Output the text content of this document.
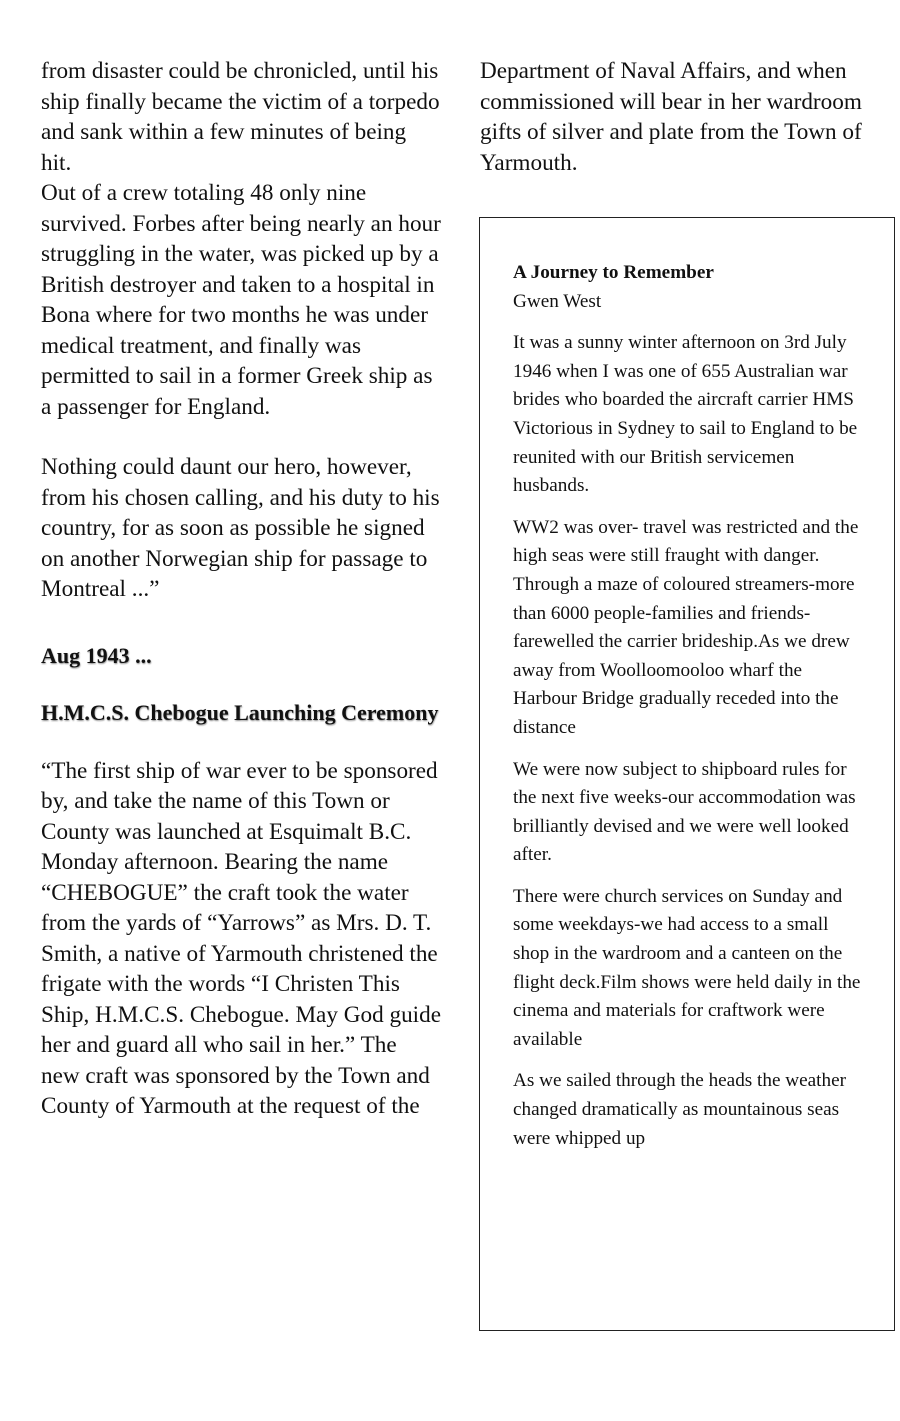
from disaster could be chronicled, until his ship finally became the victim of a torpedo and sank within a few minutes of being hit.

Out of a crew totaling 48 only nine survived. Forbes after being nearly an hour struggling in the water, was picked up by a British destroyer and taken to a hospital in Bona where for two months he was under medical treatment, and finally was permitted to sail in a former Greek ship as a passenger for England.

Nothing could daunt our hero, however, from his chosen calling, and his duty to his country, for as soon as possible he signed on another Norwegian ship for passage to Montreal ...”

Aug 1943 ...
H.M.C.S. Chebogue Launching Ceremony

“The first ship of war ever to be sponsored by, and take the name of this Town or County was launched at Esquimalt B.C. Monday afternoon. Bearing the name “CHEBOGUE” the craft took the water from the yards of “Yarrows” as Mrs. D. T. Smith, a native of Yarmouth christened the frigate with the words “I Christen This Ship, H.M.C.S. Chebogue. May God guide her and guard all who sail in her.” The new craft was sponsored by the Town and County of Yarmouth at the request of the

Department of Naval Affairs, and when commissioned will bear in her wardroom gifts of silver and plate from the Town of Yarmouth.

A Journey to Remember

Gwen West

It was a sunny winter afternoon on 3rd July 1946 when I was one of 655 Australian war brides who boarded the aircraft carrier HMS Victorious in Sydney to sail to England to be reunited with our British servicemen husbands.

WW2 was over- travel was restricted and the high seas were still fraught with danger. Through a maze of coloured streamers-more than 6000 people-families and friends-farewelled the carrier brideship.As we drew away from Woolloomooloo wharf the Harbour Bridge gradually receded into the distance

We were now subject to shipboard rules for the next five weeks-our accommodation was brilliantly devised and we were well looked after.

There were church services on Sunday and some weekdays-we had access to a small shop in the wardroom and a canteen on the flight deck.Film shows were held daily in the cinema and materials for craftwork were available

As we sailed through the heads the weather changed dramatically as mountainous seas were whipped up
